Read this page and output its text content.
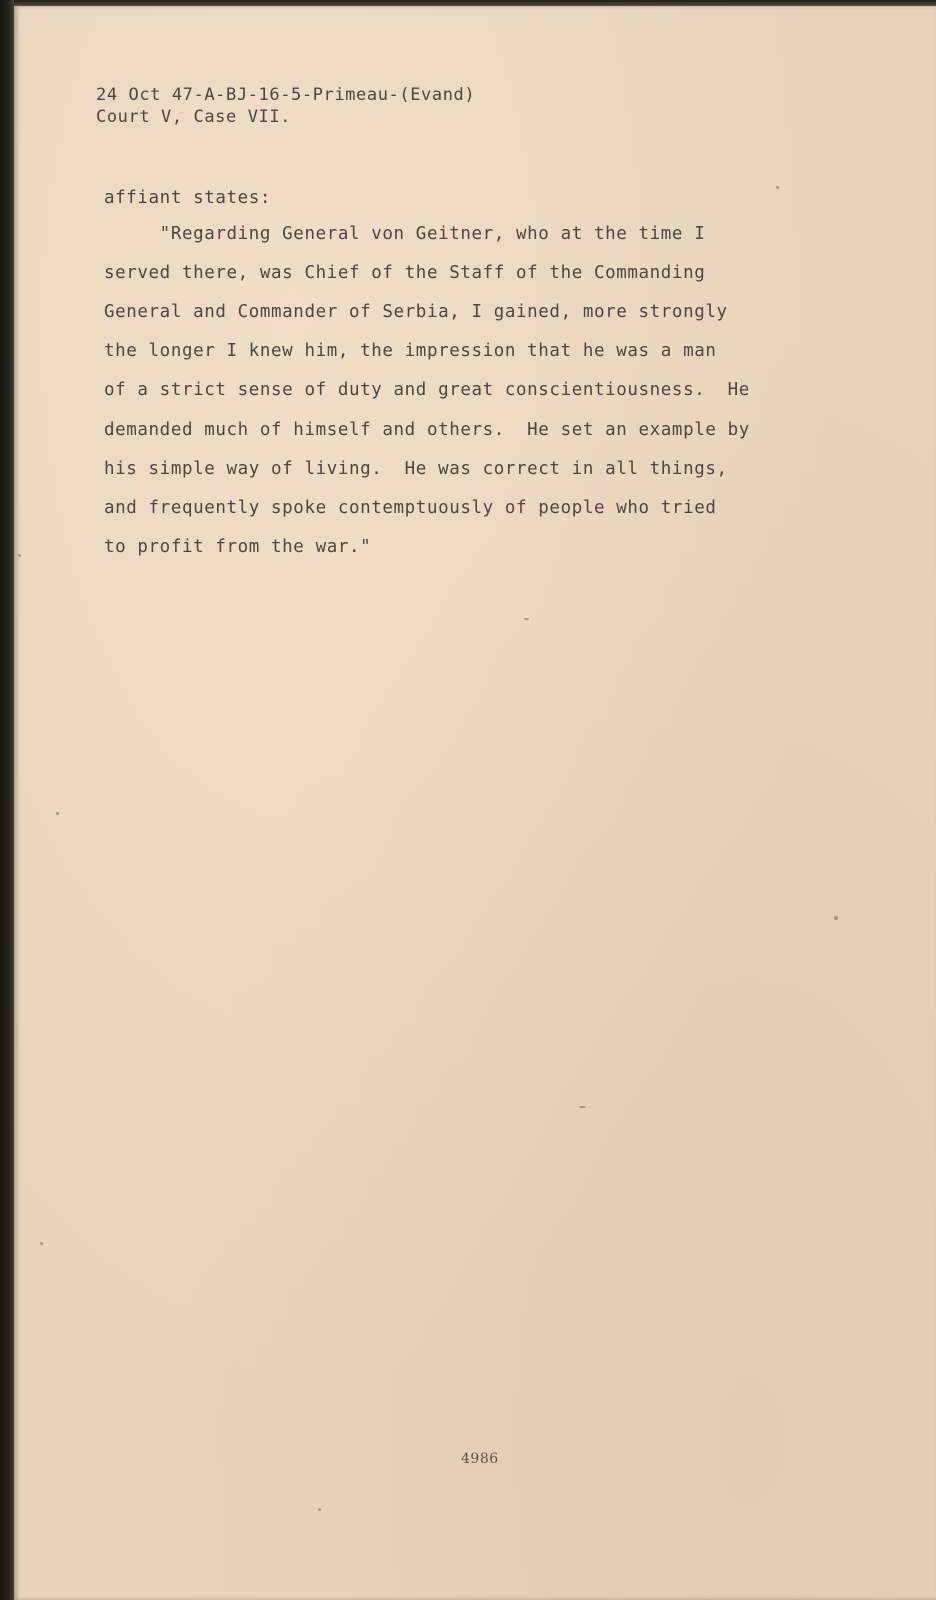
24 Oct 47-A-BJ-16-5-Primeau-(Evand)

Court V, Case VII.

affiant states:

"Regarding General von Geitner, who at the time I

served there, was Chief of the Staff of the Commanding

General and Commander of Serbia, I gained, more strongly

the longer I knew him, the impression that he was a man

of a strict sense of duty and great conscientiousness.  He

demanded much of himself and others.  He set an example by

his simple way of living.  He was correct in all things,

and frequently spoke contemptuously of people who tried

to profit from the war."

4986
